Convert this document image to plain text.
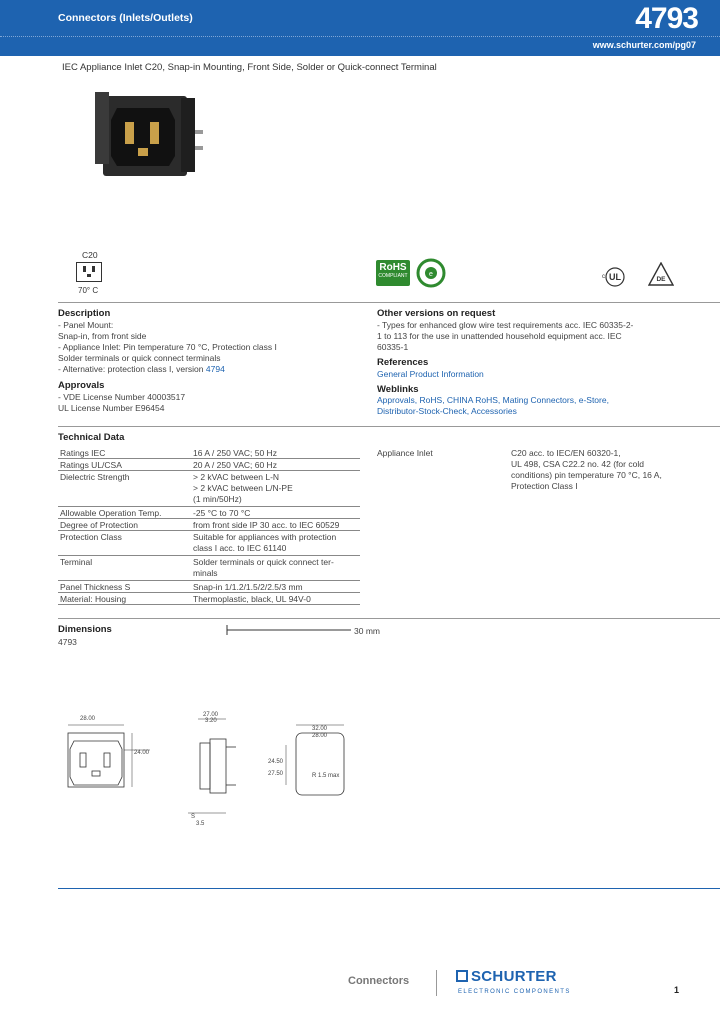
Connectors (Inlets/Outlets)	4793
www.schurter.com/pg07
IEC Appliance Inlet C20, Snap-in Mounting, Front Side, Solder or Quick-connect Terminal
C20
70° C
RoHS
COMPLIANT	e	UL
c	DE
Description
- Panel Mount:
Snap-in, from front side
- Appliance Inlet: Pin temperature 70 °C, Protection class I
Solder terminals or quick connect terminals
- Alternative: protection class I, version 4794
Approvals
- VDE License Number 40003517
UL License Number E96454
Other versions on request
- Types for enhanced glow wire test requirements acc. IEC 60335-2-
1 to 113 for the use in unattended household equipment acc. IEC
60335-1
References
General Product Information
Weblinks
Approvals, RoHS, CHINA RoHS, Mating Connectors, e-Store,
Distributor-Stock-Check, Accessories
Technical Data
Ratings IEC	16 A / 250 VAC; 50 Hz
Ratings UL/CSA	20 A / 250 VAC; 60 Hz
Dielectric Strength	> 2 kVAC between L-N
> 2 kVAC between L/N-PE
(1 min/50Hz)
Allowable Operation Temp.	-25 °C to 70 °C
Degree of Protection	from front side IP 30 acc. to IEC 60529
Protection Class	Suitable for appliances with protection
class I acc. to IEC 61140
Terminal	Solder terminals or quick connect ter-
minals
Panel Thickness S	Snap-in 1/1.2/1.5/2/2.5/3 mm
Material: Housing	Thermoplastic, black, UL 94V-0
Appliance Inlet	C20 acc. to IEC/EN 60320-1,
UL 498, CSA C22.2 no. 42 (for cold
conditions) pin temperature 70 °C, 16 A,
Protection Class I
Dimensions
4793
30 mm
28.00
24.00
27.00
3.20
32.00
28.00
24.50
27.50
S
3.5
R 1.5 max
Connectors	SCHURTER
ELECTRONIC COMPONENTS	1
